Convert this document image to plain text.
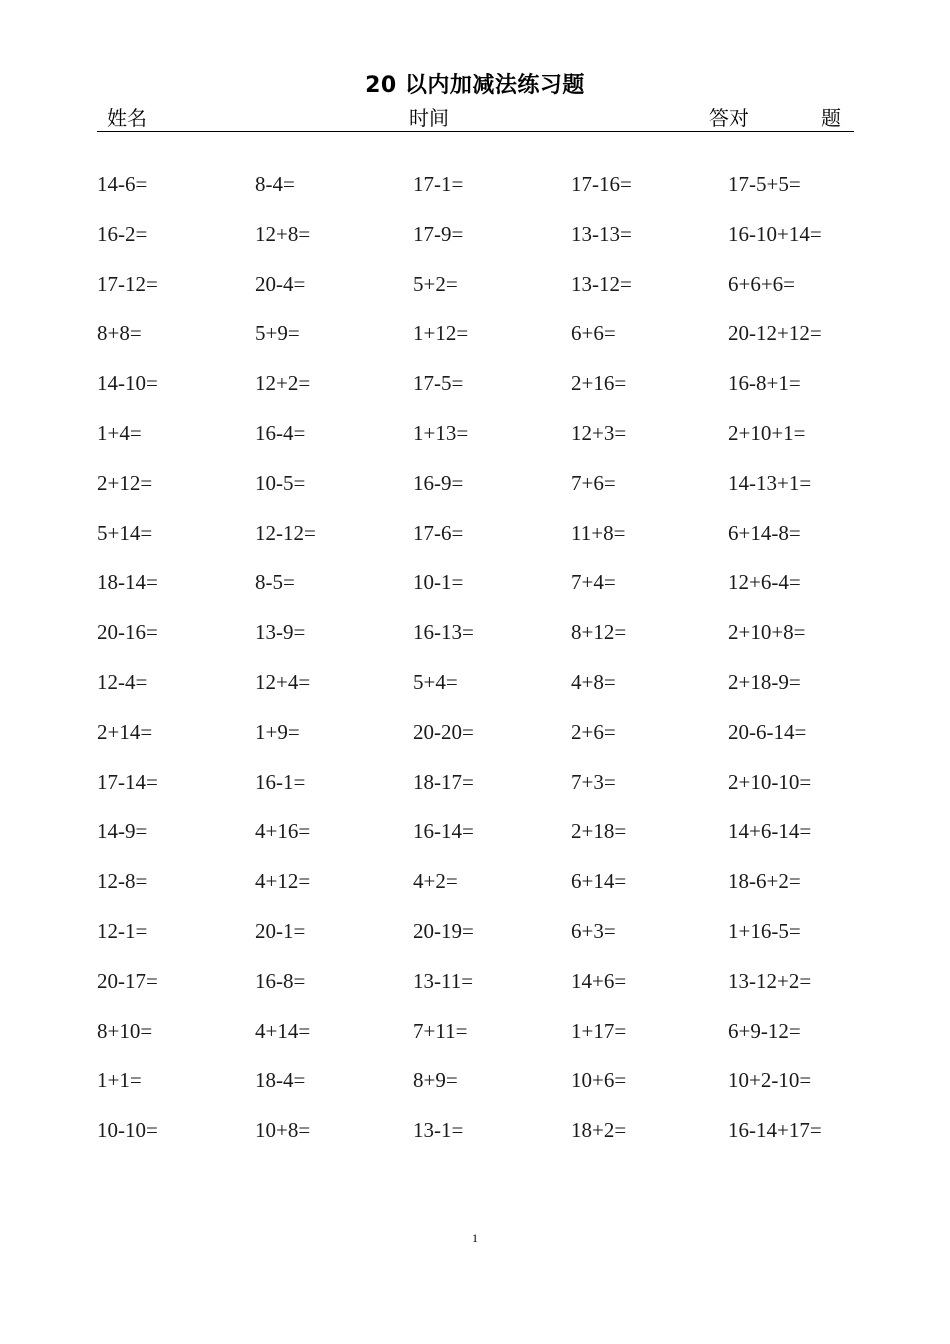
20 以内加减法练习题
姓名	时间	答对	题
14-6=	8-4=	17-1=	17-16=	17-5+5=
16-2=	12+8=	17-9=	13-13=	16-10+14=
17-12=	20-4=	5+2=	13-12=	6+6+6=
8+8=	5+9=	1+12=	6+6=	20-12+12=
14-10=	12+2=	17-5=	2+16=	16-8+1=
1+4=	16-4=	1+13=	12+3=	2+10+1=
2+12=	10-5=	16-9=	7+6=	14-13+1=
5+14=	12-12=	17-6=	11+8=	6+14-8=
18-14=	8-5=	10-1=	7+4=	12+6-4=
20-16=	13-9=	16-13=	8+12=	2+10+8=
12-4=	12+4=	5+4=	4+8=	2+18-9=
2+14=	1+9=	20-20=	2+6=	20-6-14=
17-14=	16-1=	18-17=	7+3=	2+10-10=
14-9=	4+16=	16-14=	2+18=	14+6-14=
12-8=	4+12=	4+2=	6+14=	18-6+2=
12-1=	20-1=	20-19=	6+3=	1+16-5=
20-17=	16-8=	13-11=	14+6=	13-12+2=
8+10=	4+14=	7+11=	1+17=	6+9-12=
1+1=	18-4=	8+9=	10+6=	10+2-10=
10-10=	10+8=	13-1=	18+2=	16-14+17=
1
